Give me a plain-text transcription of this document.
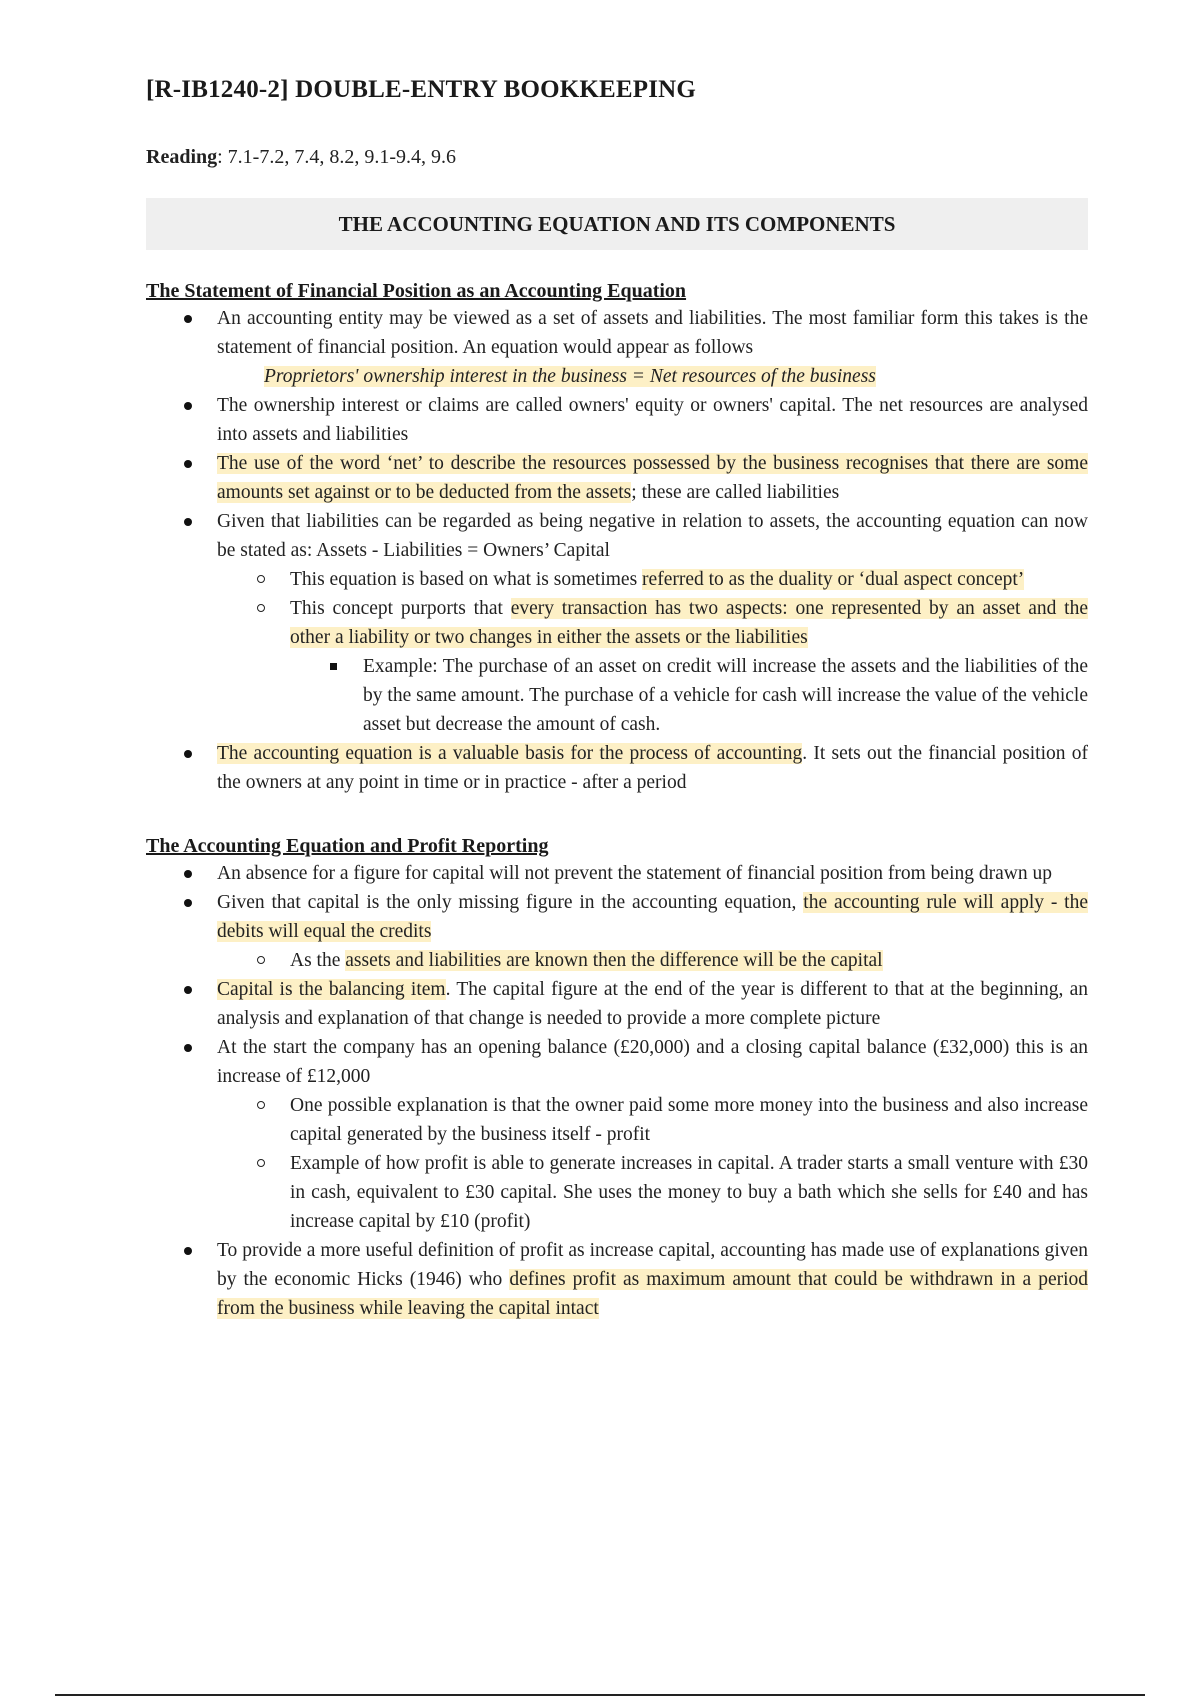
[R-IB1240-2] DOUBLE-ENTRY BOOKKEEPING
Reading: 7.1-7.2, 7.4, 8.2, 9.1-9.4, 9.6
THE ACCOUNTING EQUATION AND ITS COMPONENTS
The Statement of Financial Position as an Accounting Equation
An accounting entity may be viewed as a set of assets and liabilities. The most familiar form this takes is the statement of financial position. An equation would appear as follows
Proprietors' ownership interest in the business = Net resources of the business
The ownership interest or claims are called owners' equity or owners' capital. The net resources are analysed into assets and liabilities
The use of the word ‘net’ to describe the resources possessed by the business recognises that there are some amounts set against or to be deducted from the assets; these are called liabilities
Given that liabilities can be regarded as being negative in relation to assets, the accounting equation can now be stated as: Assets - Liabilities = Owners’ Capital
This equation is based on what is sometimes referred to as the duality or ‘dual aspect concept’
This concept purports that every transaction has two aspects: one represented by an asset and the other a liability or two changes in either the assets or the liabilities
Example: The purchase of an asset on credit will increase the assets and the liabilities of the by the same amount. The purchase of a vehicle for cash will increase the value of the vehicle asset but decrease the amount of cash.
The accounting equation is a valuable basis for the process of accounting. It sets out the financial position of the owners at any point in time or in practice - after a period
The Accounting Equation and Profit Reporting
An absence for a figure for capital will not prevent the statement of financial position from being drawn up
Given that capital is the only missing figure in the accounting equation, the accounting rule will apply - the debits will equal the credits
As the assets and liabilities are known then the difference will be the capital
Capital is the balancing item. The capital figure at the end of the year is different to that at the beginning, an analysis and explanation of that change is needed to provide a more complete picture
At the start the company has an opening balance (£20,000) and a closing capital balance (£32,000) this is an increase of £12,000
One possible explanation is that the owner paid some more money into the business and also increase capital generated by the business itself - profit
Example of how profit is able to generate increases in capital. A trader starts a small venture with £30 in cash, equivalent to £30 capital. She uses the money to buy a bath which she sells for £40 and has increase capital by £10 (profit)
To provide a more useful definition of profit as increase capital, accounting has made use of explanations given by the economic Hicks (1946) who defines profit as maximum amount that could be withdrawn in a period from the business while leaving the capital intact
